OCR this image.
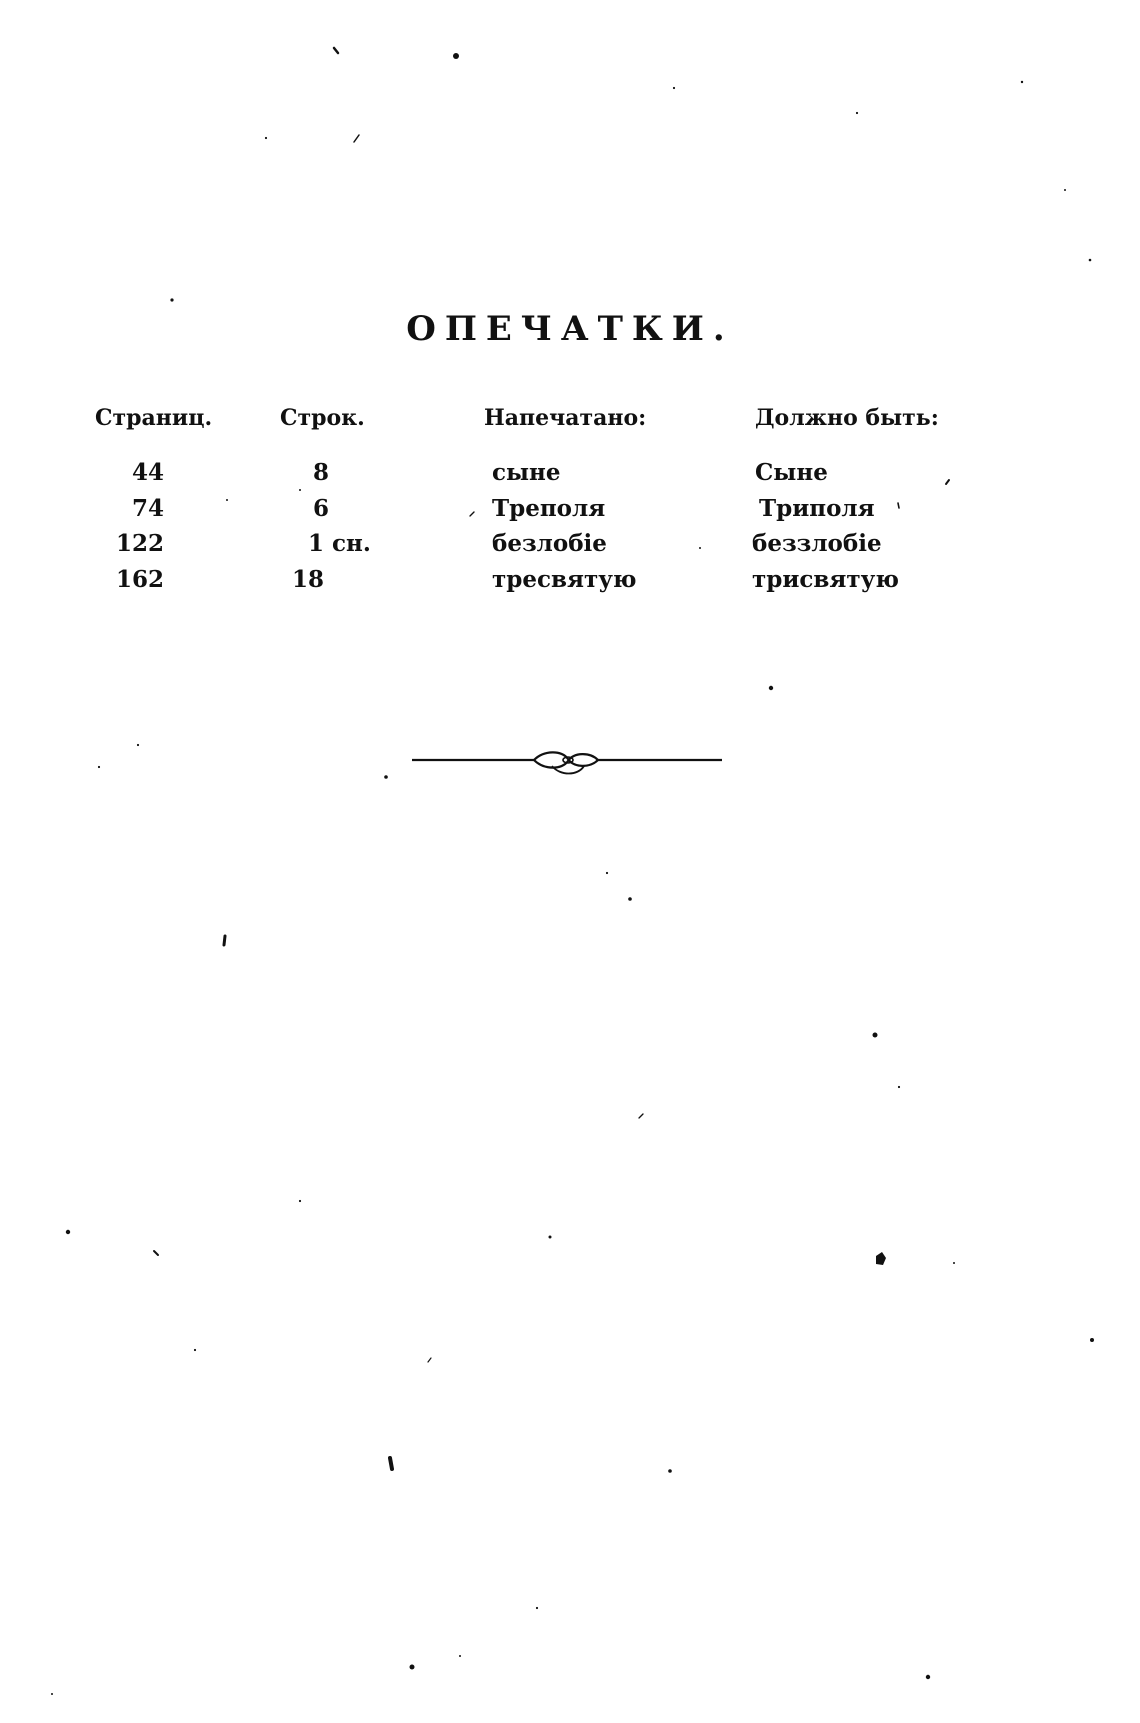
ОПЕЧАТКИ.
Страниц.	Строк.	Напечатано:	Должно быть:
44	8	сыне	Сыне
74	6	Треполя	Триполя
122	1 сн.	безлобіе	беззлобіе
162	18	тресвятую	трисвятую
